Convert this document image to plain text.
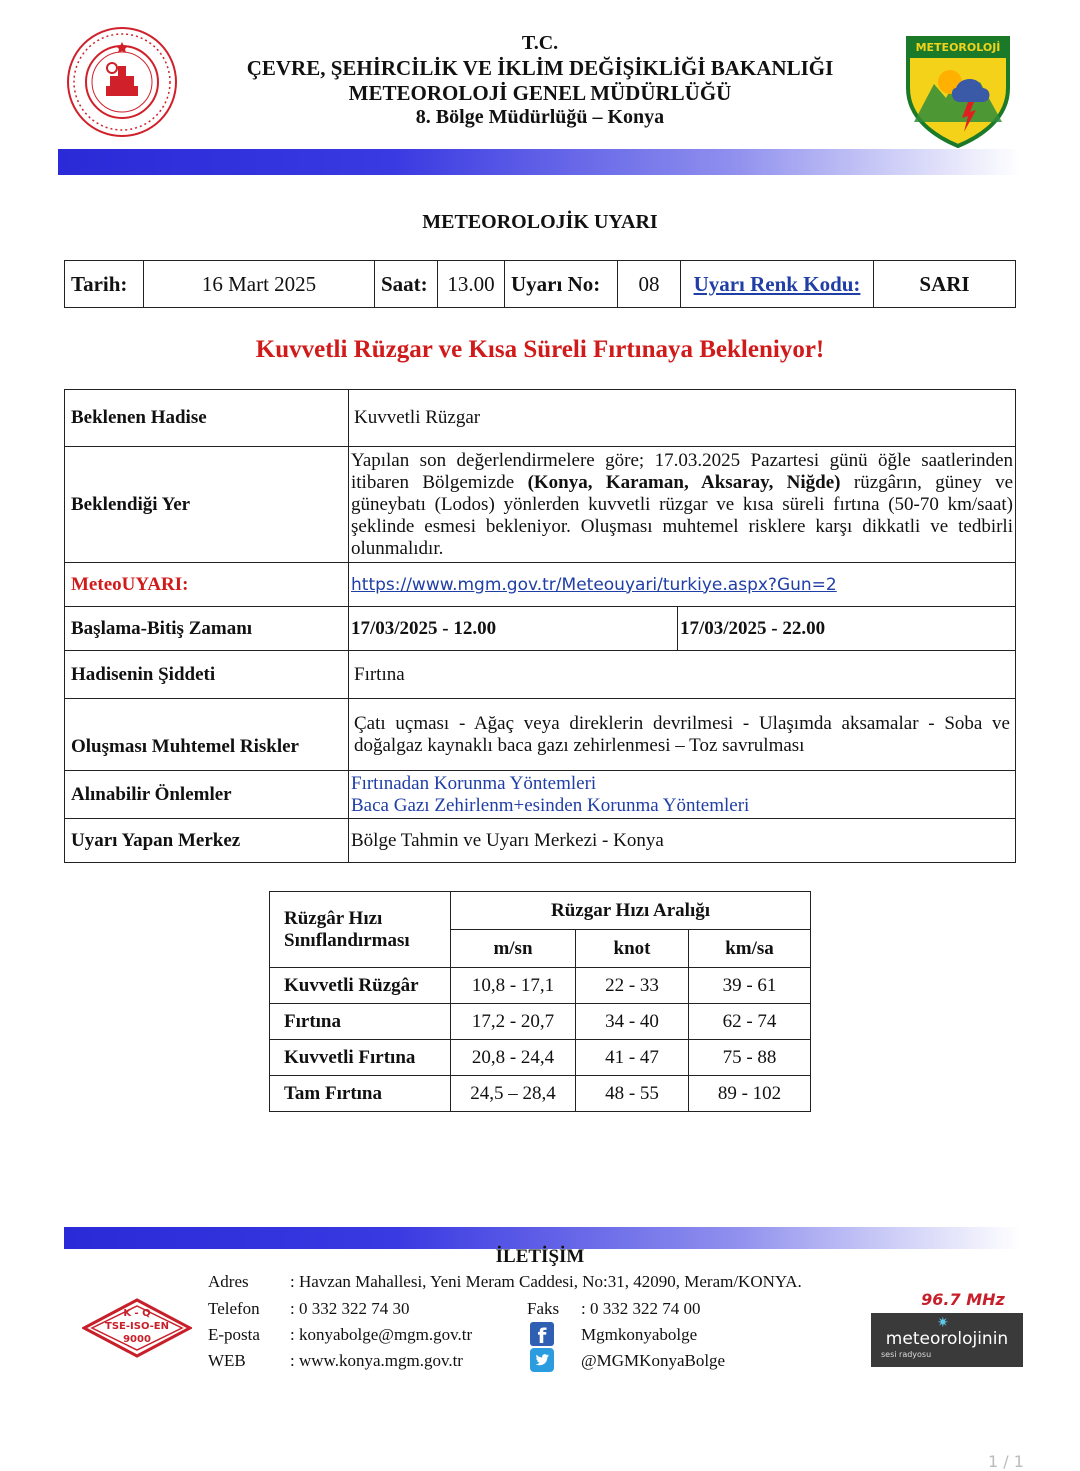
T.C.
ÇEVRE, ŞEHİRCİLİK VE İKLİM DEĞİŞİKLİĞİ BAKANLIĞI
METEOROLOJİ GENEL MÜDÜRLÜĞÜ
8. Bölge Müdürlüğü – Konya
METEOROLOJİ
METEOROLOJİK UYARI
Tarih:	16 Mart 2025	Saat:	13.00	Uyarı No:	08	Uyarı Renk Kodu:	SARI
Kuvvetli Rüzgar ve Kısa Süreli Fırtınaya Bekleniyor!
Beklenen Hadise	Kuvvetli Rüzgar	
Beklendiği Yer	Yapılan son değerlendirmelere göre; 17.03.2025 Pazartesi günü öğle saatlerinden itibaren Bölgemizde (Konya, Karaman, Aksaray, Niğde) rüzgârın, güney ve güneybatı (Lodos) yönlerden kuvvetli rüzgar ve kısa süreli fırtına (50-70 km/saat) şeklinde esmesi bekleniyor. Oluşması muhtemel risklere karşı dikkatli ve tedbirli olunmalıdır.	
MeteoUYARI:	https://www.mgm.gov.tr/Meteouyari/turkiye.aspx?Gun=2	
Başlama-Bitiş Zamanı	17/03/2025 - 12.00	17/03/2025 - 22.00
Hadisenin Şiddeti	Fırtına	
Oluşması Muhtemel Riskler	Çatı uçması - Ağaç veya direklerin devrilmesi - Ulaşımda aksamalar - Soba ve doğalgaz kaynaklı baca gazı zehirlenmesi – Toz savrulması	
Alınabilir Önlemler	Fırtınadan Korunma Yöntemleri
Baca Gazı Zehirlenm+esinden Korunma Yöntemleri	

Uyarı Yapan Merkez	Bölge Tahmin ve Uyarı Merkezi - Konya	
Rüzgâr Hızı
Sınıflandırması	Rüzgar Hızı Aralığı		
	m/sn	knot	km/sa
Kuvvetli Rüzgâr	10,8 - 17,1	22 - 33	39 - 61
Fırtına	17,2 - 20,7	34 - 40	62 - 74
Kuvvetli Fırtına	20,8 - 24,4	41 - 47	75 - 88
Tam Fırtına	24,5 – 28,4	48 - 55	89 - 102
İLETİŞİM
Adres : Havzan Mahallesi, Yeni Meram Caddesi, No:31, 42090, Meram/KONYA.
Telefon : 0 332 322 74 30	Faks : 0 332 322 74 00
E-posta : konyabolge@mgm.gov.tr
WEB	: www.konya.mgm.gov.tr
f	Mgmkonyabolge
@MGMKonyaBolge
K - Q
TSE-ISO-EN
9000
96.7 MHz
meteorolojinin
sesi radyosu
✷
1 / 1
